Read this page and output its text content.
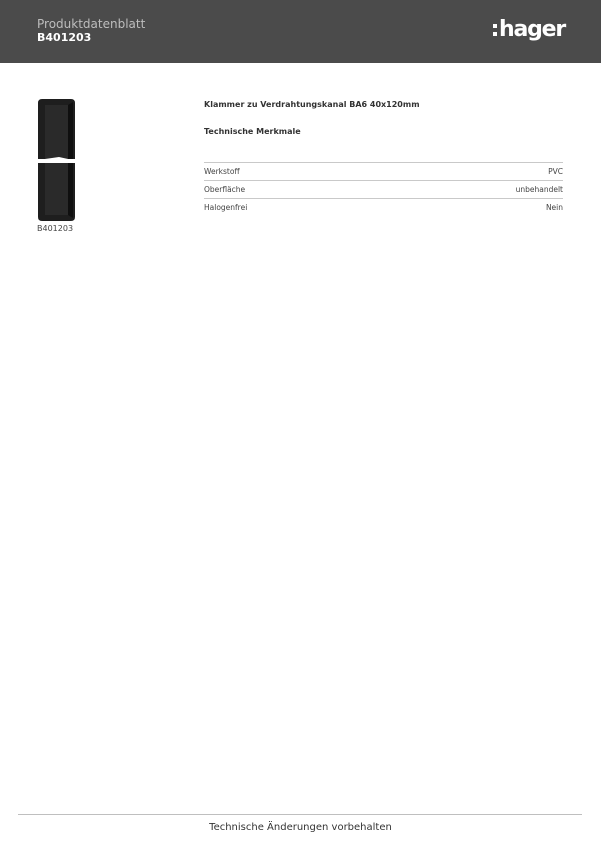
Produktdatenblatt
B401203	hager
B401203
Klammer zu Verdrahtungskanal BA6 40x120mm
Technische Merkmale
Werkstoff	PVC
Oberfläche	unbehandelt
Halogenfrei	Nein
Technische Änderungen vorbehalten
